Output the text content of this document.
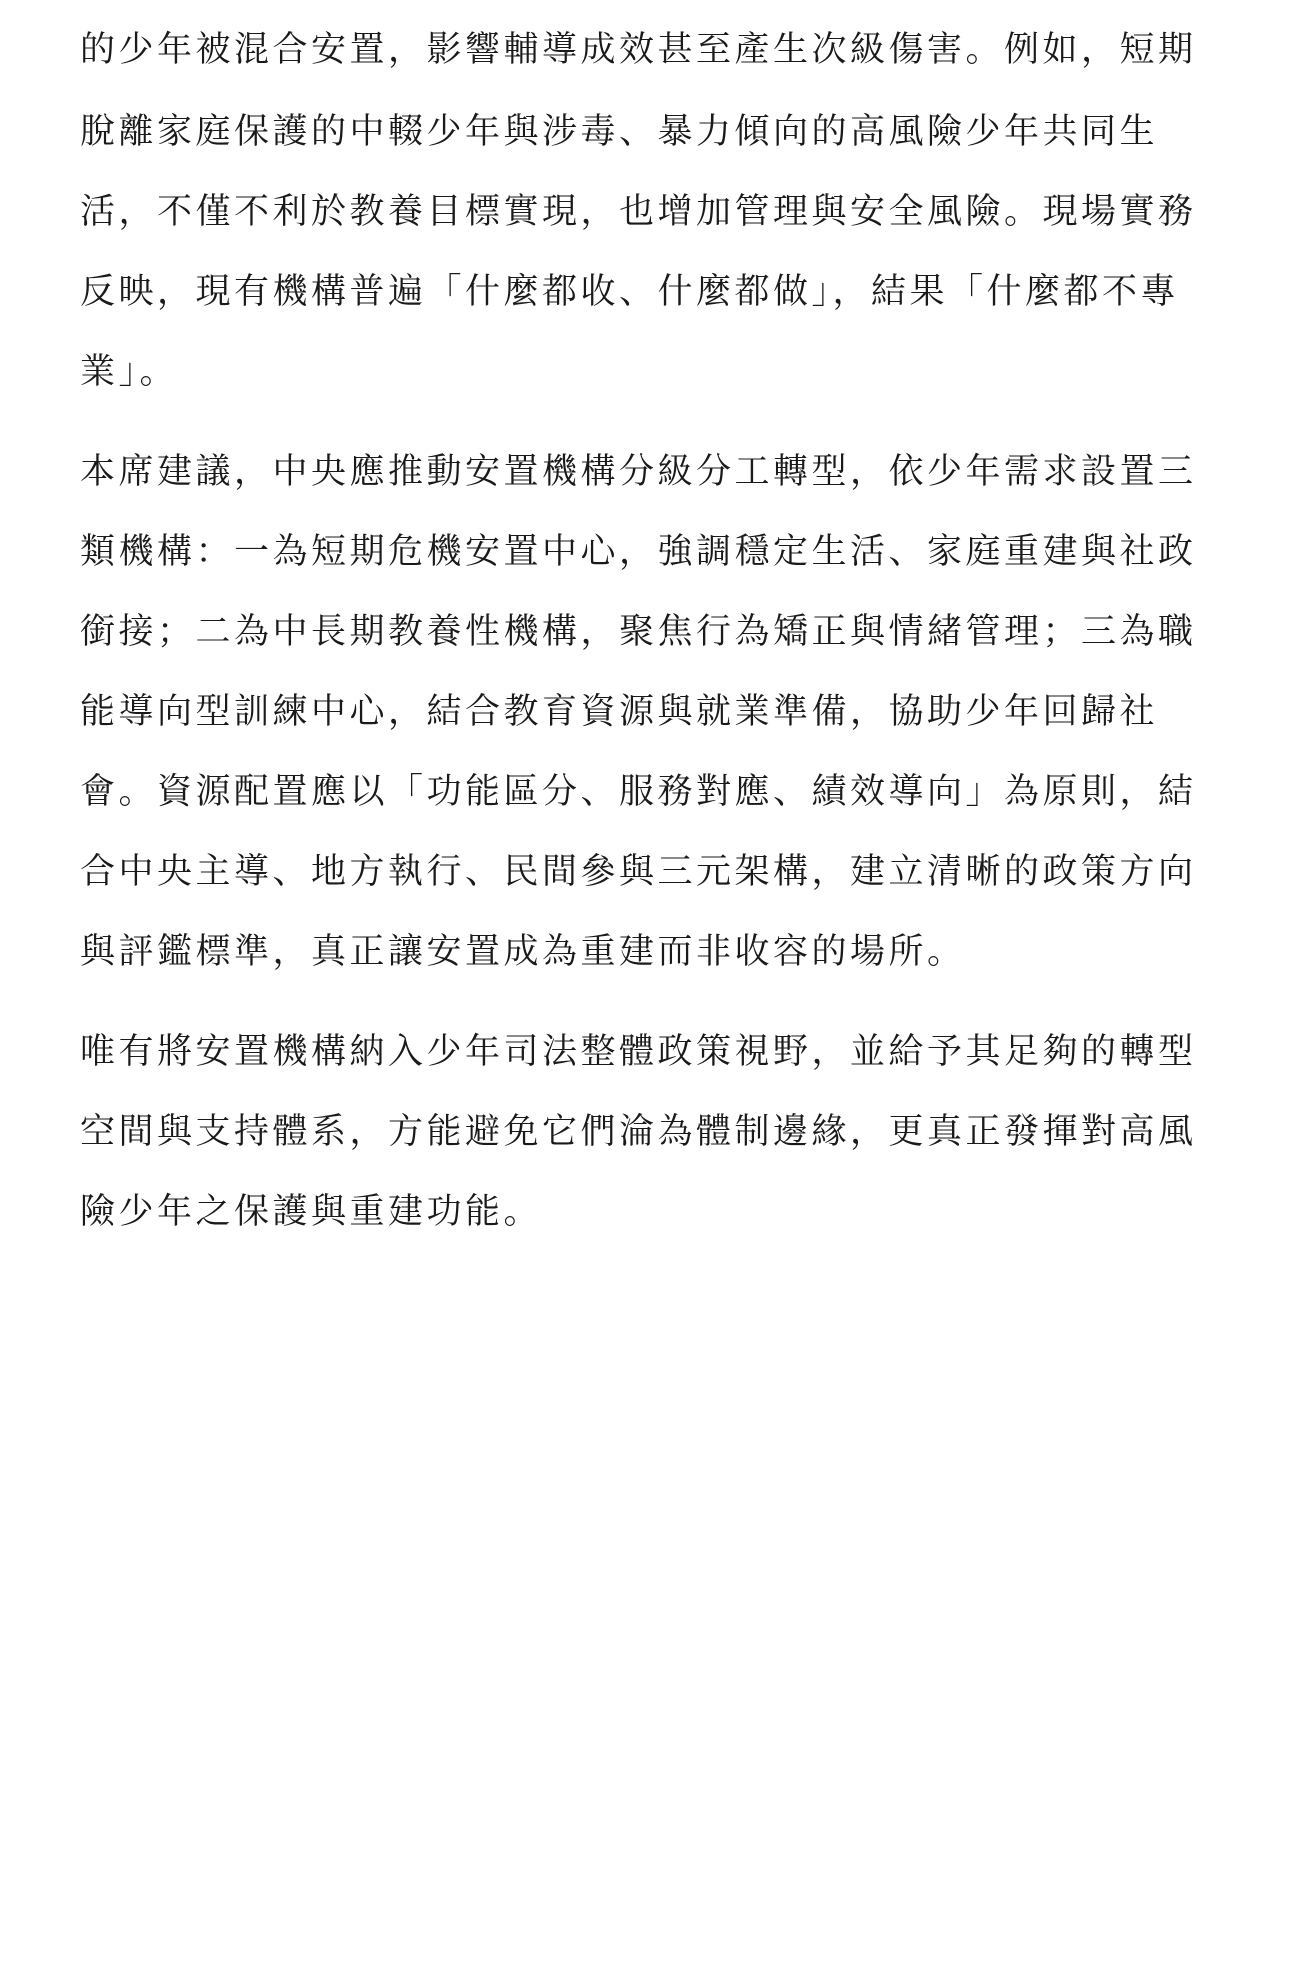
的少年被混合安置，影響輔導成效甚至產生次級傷害。例如，短期
脫離家庭保護的中輟少年與涉毒、暴力傾向的高風險少年共同生
活，不僅不利於教養目標實現，也增加管理與安全風險。現場實務
反映，現有機構普遍「什麼都收、什麼都做」，結果「什麼都不專
業」。
本席建議，中央應推動安置機構分級分工轉型，依少年需求設置三
類機構：一為短期危機安置中心，強調穩定生活、家庭重建與社政
銜接；二為中長期教養性機構，聚焦行為矯正與情緒管理；三為職
能導向型訓練中心，結合教育資源與就業準備，協助少年回歸社
會。資源配置應以「功能區分、服務對應、績效導向」為原則，結
合中央主導、地方執行、民間參與三元架構，建立清晰的政策方向
與評鑑標準，真正讓安置成為重建而非收容的場所。
唯有將安置機構納入少年司法整體政策視野，並給予其足夠的轉型
空間與支持體系，方能避免它們淪為體制邊緣，更真正發揮對高風
險少年之保護與重建功能。
